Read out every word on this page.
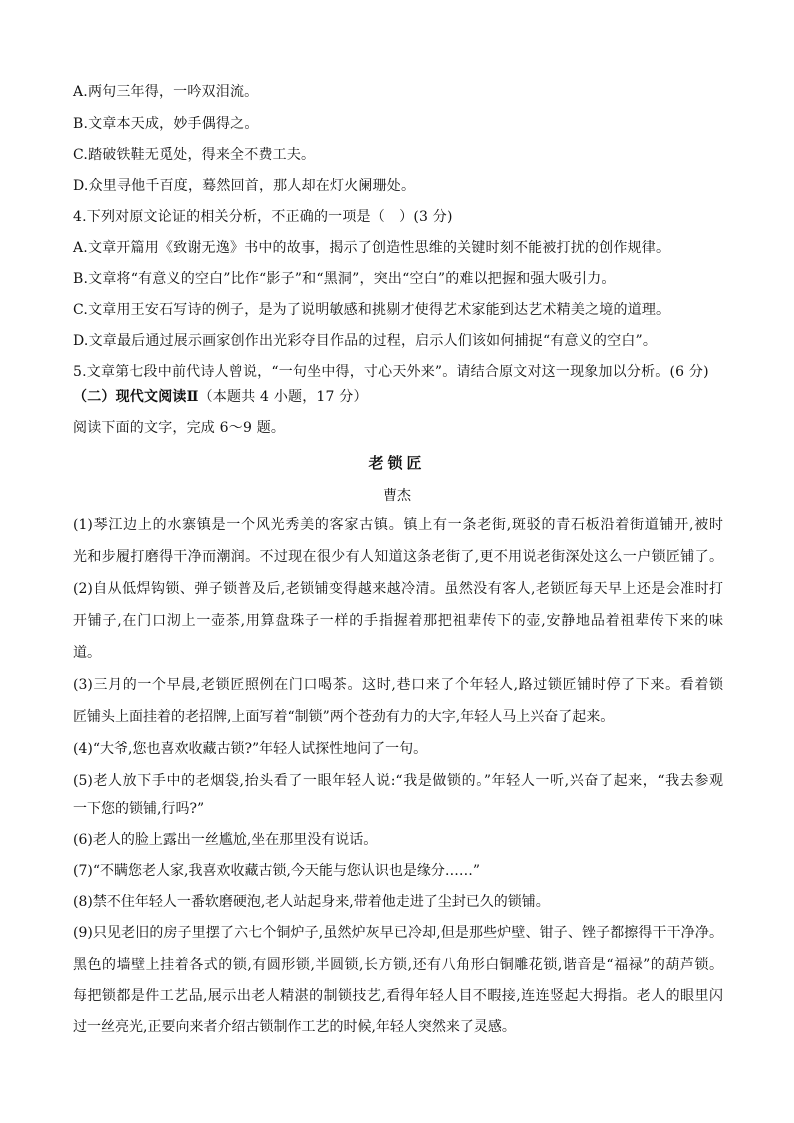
A.两句三年得，一吟双泪流。
B.文章本天成，妙手偶得之。
C.踏破铁鞋无觅处，得来全不费工夫。
D.众里寻他千百度，蓦然回首，那人却在灯火阑珊处。
4.下列对原文论证的相关分析，不正确的一项是（　）(3 分)
A.文章开篇用《致谢无逸》书中的故事，揭示了创造性思维的关键时刻不能被打扰的创作规律。
B.文章将“有意义的空白”比作“影子”和“黑洞”，突出“空白”的难以把握和强大吸引力。
C.文章用王安石写诗的例子，是为了说明敏感和挑剔才使得艺术家能到达艺术精美之境的道理。
D.文章最后通过展示画家创作出光彩夺目作品的过程，启示人们该如何捕捉“有意义的空白”。
5.文章第七段中前代诗人曾说，“一句坐中得，寸心天外来”。请结合原文对这一现象加以分析。(6 分)
（二）现代文阅读Ⅱ（本题共 4 小题，17 分）
阅读下面的文字，完成 6～9 题。
老锁匠
曹杰
(1)琴江边上的水寨镇是一个风光秀美的客家古镇。镇上有一条老街,斑驳的青石板沿着街道铺开,被时
光和步履打磨得干净而潮润。不过现在很少有人知道这条老街了,更不用说老街深处这么一户锁匠铺了。
(2)自从低焊钩锁、弹子锁普及后,老锁铺变得越来越冷清。虽然没有客人,老锁匠每天早上还是会准时打
开铺子,在门口沏上一壶茶,用算盘珠子一样的手指握着那把祖辈传下的壶,安静地品着祖辈传下来的味
道。
(3)三月的一个早晨,老锁匠照例在门口喝茶。这时,巷口来了个年轻人,路过锁匠铺时停了下来。看着锁
匠铺头上面挂着的老招牌,上面写着“制锁”两个苍劲有力的大字,年轻人马上兴奋了起来。
(4)“大爷,您也喜欢收藏古锁?”年轻人试探性地问了一句。
(5)老人放下手中的老烟袋,抬头看了一眼年轻人说:“我是做锁的。”年轻人一听,兴奋了起来，“我去参观
一下您的锁铺,行吗?”
(6)老人的脸上露出一丝尴尬,坐在那里没有说话。
(7)“不瞒您老人家,我喜欢收藏古锁,今天能与您认识也是缘分……”
(8)禁不住年轻人一番软磨硬泡,老人站起身来,带着他走进了尘封已久的锁铺。
(9)只见老旧的房子里摆了六七个铜炉子,虽然炉灰早已冷却,但是那些炉壁、钳子、锉子都擦得干干净净。
黑色的墙壁上挂着各式的锁,有圆形锁,半圆锁,长方锁,还有八角形白铜雕花锁,谐音是“福禄”的葫芦锁。
每把锁都是件工艺品,展示出老人精湛的制锁技艺,看得年轻人目不暇接,连连竖起大拇指。老人的眼里闪
过一丝亮光,正要向来者介绍古锁制作工艺的时候,年轻人突然来了灵感。
